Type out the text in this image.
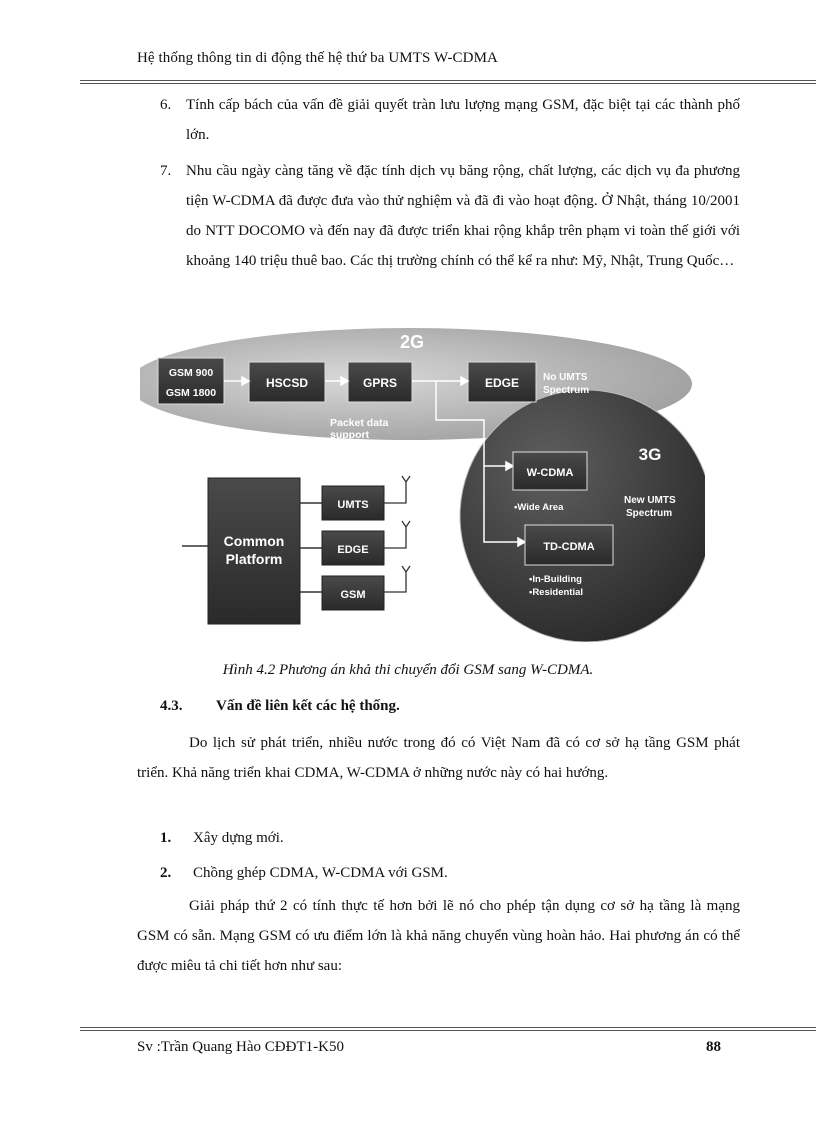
Hệ thống thông tin di động thế hệ thứ ba UMTS W-CDMA
6. Tính cấp bách của vấn đề giải quyết tràn lưu lượng mạng GSM, đặc biệt tại các thành phố lớn.
7. Nhu cầu ngày càng tăng về đặc tính dịch vụ băng rộng, chất lượng, các dịch vụ đa phương tiện W-CDMA đã được đưa vào thử nghiệm và đã đi vào hoạt động. Ở Nhật, tháng 10/2001 do NTT DOCOMO và đến nay đã được triển khai rộng khắp trên phạm vi toàn thế giới với khoảng 140 triệu thuê bao. Các thị trường chính có thể kể ra như: Mỹ, Nhật, Trung Quốc…
2G
3G
GSM 900
GSM 1800
HSCSD	GPRS	EDGE No UMTS
Spectrum
Packet data
support
W-CDMA
•Wide Area
New UMTS
Spectrum
TD-CDMA
•In-Building
•Residential
Common
Platform
UMTS
EDGE
GSM
Hình 4.2 Phương án khả thi chuyển đổi GSM sang W-CDMA.
4.3. Vấn đề liên kết các hệ thống.
Do lịch sử phát triển, nhiều nước trong đó có Việt Nam đã có cơ sở hạ tầng GSM phát triển. Khả năng triển khai CDMA, W-CDMA ở những nước này có hai hướng.
1. Xây dựng mới.
2. Chồng ghép CDMA, W-CDMA với GSM.
Giải pháp thứ 2 có tính thực tế hơn bởi lẽ nó cho phép tận dụng cơ sở hạ tầng là mạng GSM có sẵn. Mạng GSM có ưu điểm lớn là khả năng chuyển vùng hoàn hảo. Hai phương án có thể được miêu tả chi tiết hơn như sau:
Sv :Trần Quang Hào CĐĐT1-K50	88
